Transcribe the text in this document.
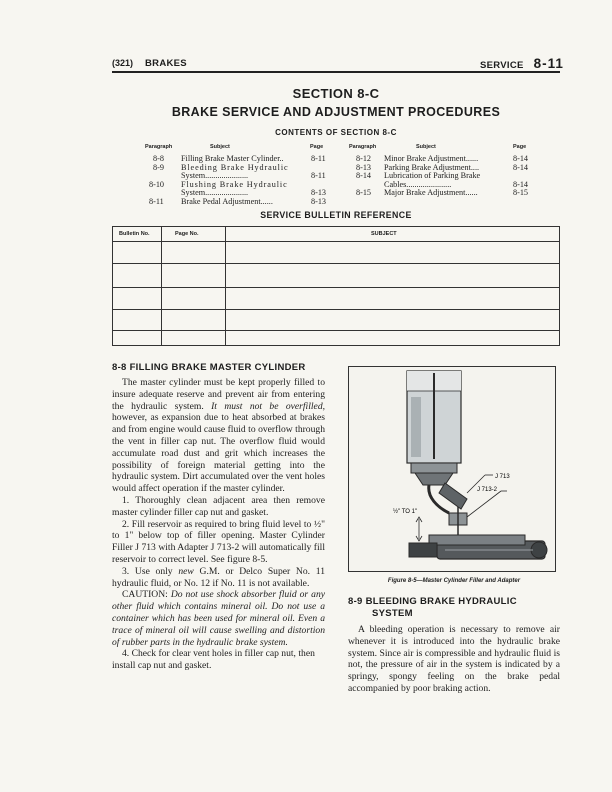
(321) BRAKES	SERVICE 8-11
SECTION 8-C
BRAKE SERVICE AND ADJUSTMENT PROCEDURES
CONTENTS OF SECTION 8-C
Paragraph	Subject	Page	Paragraph	Subject	Page
8-8 Filling Brake Master Cylinder..	8-11
8-9 Bleeding Brake Hydraulic
System.....................	8-11
8-10 Flushing Brake Hydraulic
System.....................	8-13
8-11 Brake Pedal Adjustment......	8-13
8-12 Minor Brake Adjustment......	8-14
8-13 Parking Brake Adjustment....	8-14
8-14 Lubrication of Parking Brake
Cables......................	8-14
8-15 Major Brake Adjustment......	8-15
SERVICE BULLETIN REFERENCE
Bulletin No.	Page No.	SUBJECT
8-8 FILLING BRAKE MASTER CYLINDER

The master cylinder must be kept properly filled to insure adequate reserve and prevent air from entering the hydraulic system. It must not be overfilled, however, as expansion due to heat absorbed at brakes and from engine would cause fluid to overflow through the vent in filler cap nut. The overflow fluid would accumulate road dust and grit which increases the possibility of foreign material getting into the hydraulic system. Dirt accumulated over the vent holes would affect operation if the master cylinder.

1. Thoroughly clean adjacent area then remove master cylinder filler cap nut and gasket.

2. Fill reservoir as required to bring fluid level to ½" to 1" below top of filler opening. Master Cylinder Filler J 713 with Adapter J 713-2 will automatically fill reservoir to correct level. See figure 8-5.

3. Use only new G.M. or Delco Super No. 11 hydraulic fluid, or No. 12 if No. 11 is not available.

CAUTION: Do not use shock absorber fluid or any other fluid which contains mineral oil. Do not use a container which has been used for mineral oil. Even a trace of mineral oil will cause swelling and distortion of rubber parts in the hydraulic brake system.

4. Check for clear vent holes in filler cap nut, then install cap nut and gasket.

J 713
J 713-2
½" TO 1"
Figure 8-5—Master Cylinder Filler and Adapter
8-9 BLEEDING BRAKE HYDRAULIC
SYSTEM

A bleeding operation is necessary to remove air whenever it is introduced into the hydraulic brake system. Since air is compressible and hydraulic fluid is not, the pressure of air in the system is indicated by a springy, spongy feeling on the brake pedal accompanied by poor braking action.
